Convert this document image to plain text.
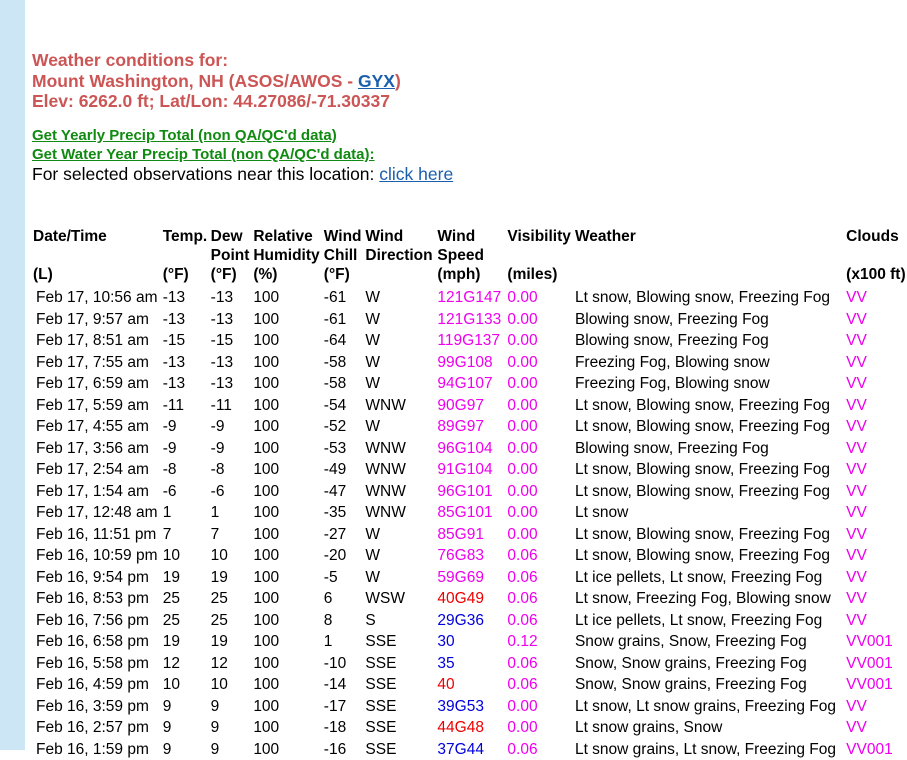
Weather conditions for:
Mount Washington, NH (ASOS/AWOS - GYX)
Elev: 6262.0 ft; Lat/Lon: 44.27086/-71.30337
Get Yearly Precip Total (non QA/QC'd data)
Get Water Year Precip Total (non QA/QC'd data):
For selected observations near this location: click here
Date/Time	Temp.	Dew	Relative	Wind	Wind	Wind	Visibility	Weather	Clouds
		Point	Humidity	Chill	Direction	Speed			
(L)	(°F)	(°F)	(%)	(°F)		(mph)	(miles)		(x100 ft)
Feb 17, 10:56 am	-13	-13	100	-61	W	121G147	0.00	Lt snow, Blowing snow, Freezing Fog	VV
Feb 17, 9:57 am	-13	-13	100	-61	W	121G133	0.00	Blowing snow, Freezing Fog	VV
Feb 17, 8:51 am	-15	-15	100	-64	W	119G137	0.00	Blowing snow, Freezing Fog	VV
Feb 17, 7:55 am	-13	-13	100	-58	W	99G108	0.00	Freezing Fog, Blowing snow	VV
Feb 17, 6:59 am	-13	-13	100	-58	W	94G107	0.00	Freezing Fog, Blowing snow	VV
Feb 17, 5:59 am	-11	-11	100	-54	WNW	90G97	0.00	Lt snow, Blowing snow, Freezing Fog	VV
Feb 17, 4:55 am	-9	-9	100	-52	W	89G97	0.00	Lt snow, Blowing snow, Freezing Fog	VV
Feb 17, 3:56 am	-9	-9	100	-53	WNW	96G104	0.00	Blowing snow, Freezing Fog	VV
Feb 17, 2:54 am	-8	-8	100	-49	WNW	91G104	0.00	Lt snow, Blowing snow, Freezing Fog	VV
Feb 17, 1:54 am	-6	-6	100	-47	WNW	96G101	0.00	Lt snow, Blowing snow, Freezing Fog	VV
Feb 17, 12:48 am	1	1	100	-35	WNW	85G101	0.00	Lt snow	VV
Feb 16, 11:51 pm	7	7	100	-27	W	85G91	0.00	Lt snow, Blowing snow, Freezing Fog	VV
Feb 16, 10:59 pm	10	10	100	-20	W	76G83	0.06	Lt snow, Blowing snow, Freezing Fog	VV
Feb 16, 9:54 pm	19	19	100	-5	W	59G69	0.06	Lt ice pellets, Lt snow, Freezing Fog	VV
Feb 16, 8:53 pm	25	25	100	6	WSW	40G49	0.06	Lt snow, Freezing Fog, Blowing snow	VV
Feb 16, 7:56 pm	25	25	100	8	S	29G36	0.06	Lt ice pellets, Lt snow, Freezing Fog	VV
Feb 16, 6:58 pm	19	19	100	1	SSE	30	0.12	Snow grains, Snow, Freezing Fog	VV001
Feb 16, 5:58 pm	12	12	100	-10	SSE	35	0.06	Snow, Snow grains, Freezing Fog	VV001
Feb 16, 4:59 pm	10	10	100	-14	SSE	40	0.06	Snow, Snow grains, Freezing Fog	VV001
Feb 16, 3:59 pm	9	9	100	-17	SSE	39G53	0.00	Lt snow, Lt snow grains, Freezing Fog	VV
Feb 16, 2:57 pm	9	9	100	-18	SSE	44G48	0.00	Lt snow grains, Snow	VV
Feb 16, 1:59 pm	9	9	100	-16	SSE	37G44	0.06	Lt snow grains, Lt snow, Freezing Fog	VV001
